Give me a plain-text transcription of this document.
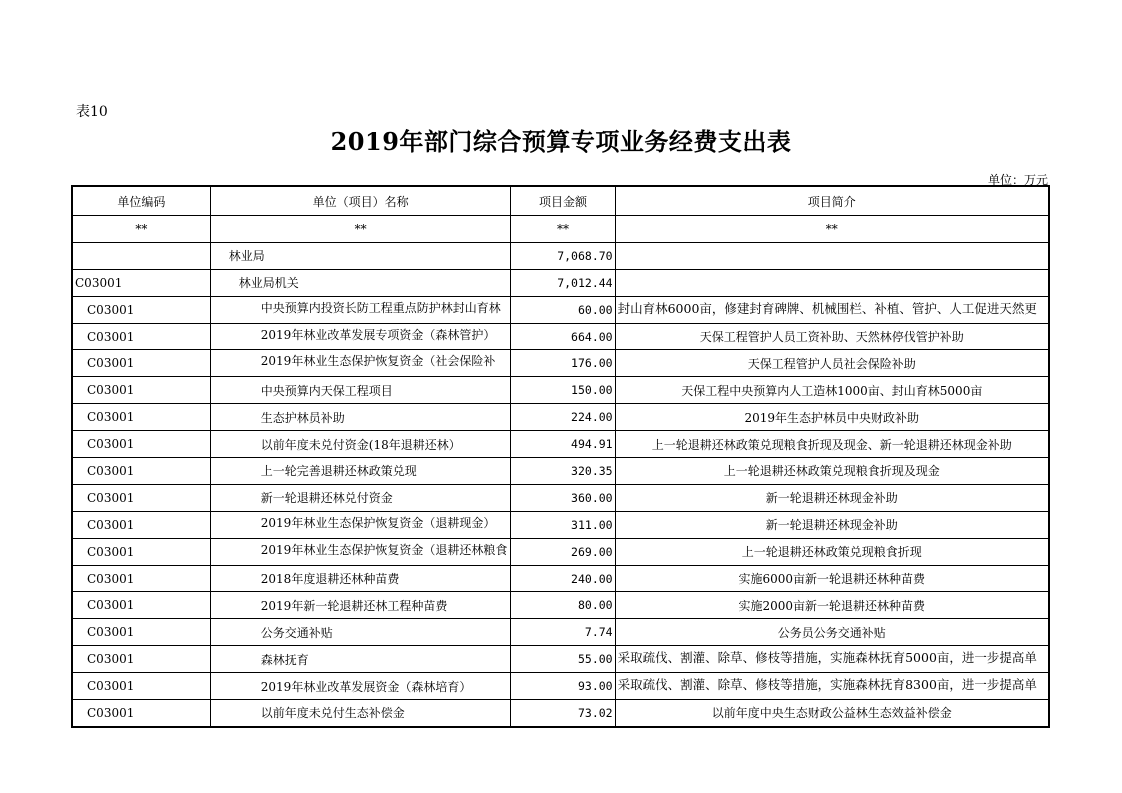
表10
2019年部门综合预算专项业务经费支出表
单位：万元
单位编码	单位（项目）名称	项目金额	项目简介
**	**	**	**
	林业局	7,068.70	
C03001	林业局机关	7,012.44	
C03001	中央预算内投资长防工程重点防护林封山育林	60.00	封山育林6000亩，修建封育碑牌、机械围栏、补植、管护、人工促进天然更

C03001	2019年林业改革发展专项资金（森林管护）	664.00	天保工程管护人员工资补助、天然林停伐管护补助
C03001	2019年林业生态保护恢复资金（社会保险补	176.00	天保工程管护人员社会保险补助
C03001	中央预算内天保工程项目	150.00	天保工程中央预算内人工造林1000亩、封山育林5000亩
C03001	生态护林员补助	224.00	2019年生态护林员中央财政补助
C03001	以前年度未兑付资金(18年退耕还林）	494.91	上一轮退耕还林政策兑现粮食折现及现金、新一轮退耕还林现金补助
C03001	上一轮完善退耕还林政策兑现	320.35	上一轮退耕还林政策兑现粮食折现及现金
C03001	新一轮退耕还林兑付资金	360.00	新一轮退耕还林现金补助
C03001	2019年林业生态保护恢复资金（退耕现金）	311.00	新一轮退耕还林现金补助
C03001	2019年林业生态保护恢复资金（退耕还林粮食	269.00	上一轮退耕还林政策兑现粮食折现
C03001	2018年度退耕还林种苗费	240.00	实施6000亩新一轮退耕还林种苗费
C03001	2019年新一轮退耕还林工程种苗费	80.00	实施2000亩新一轮退耕还林种苗费
C03001	公务交通补贴	7.74	公务员公务交通补贴
C03001	森林抚育	55.00	采取疏伐、割灌、除草、修枝等措施，实施森林抚育5000亩，进一步提高单

C03001	2019年林业改革发展资金（森林培育）	93.00	采取疏伐、割灌、除草、修枝等措施，实施森林抚育8300亩，进一步提高单

C03001	以前年度未兑付生态补偿金	73.02	以前年度中央生态财政公益林生态效益补偿金
